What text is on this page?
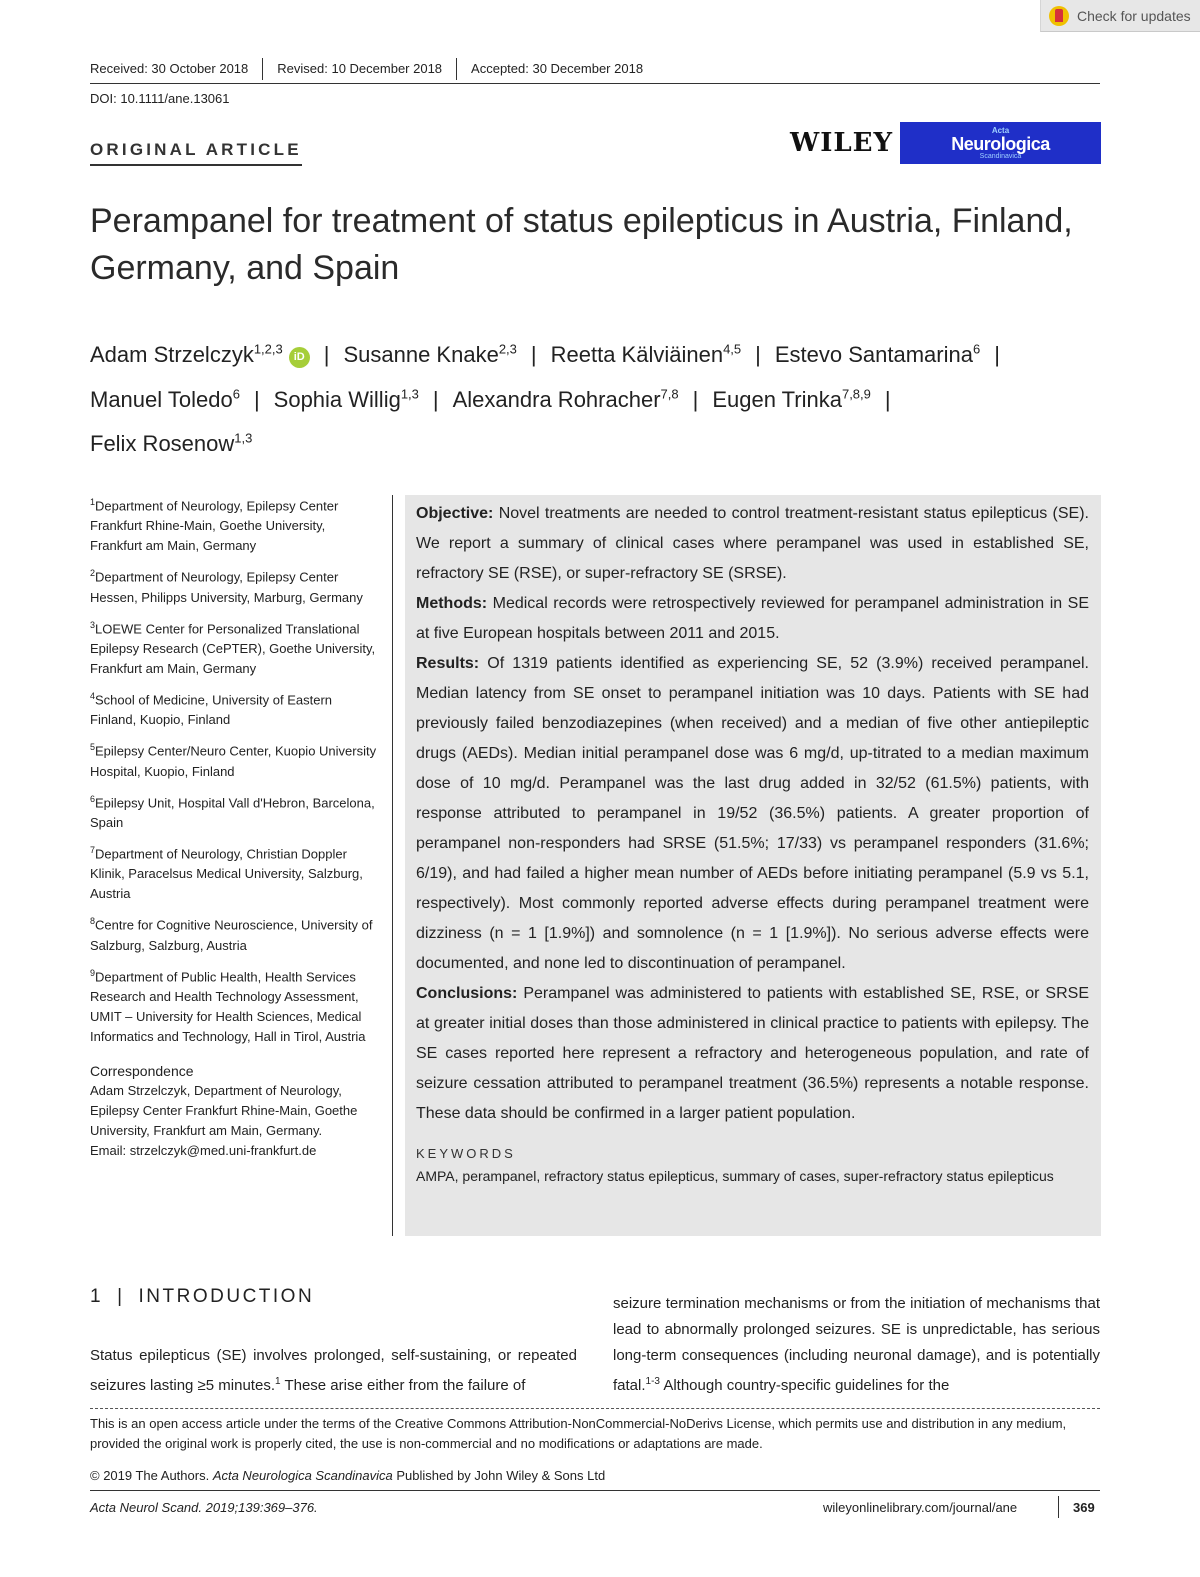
Check for updates
Received: 30 October 2018 Revised: 10 December 2018 Accepted: 30 December 2018
DOI: 10.1111/ane.13061
ORIGINAL ARTICLE	WILEY	Acta
Neurologica
Scandinavica
Perampanel for treatment of status epilepticus in Austria, Finland, Germany, and Spain
Adam Strzelczyk$^{1,2,3}$iD | Susanne Knake$^{2,3}$ | Reetta Kälviäinen$^{4,5}$ | Estevo Santamarina$^6$ |
Manuel Toledo$^6$ | Sophia Willig$^{1,3}$ | Alexandra Rohracher$^{7,8}$ | Eugen Trinka$^{7,8,9}$ |
Felix Rosenow$^{1,3}$
$^1$Department of Neurology, Epilepsy Center Frankfurt Rhine-Main, Goethe University, Frankfurt am Main, Germany
$^2$Department of Neurology, Epilepsy Center Hessen, Philipps University, Marburg, Germany
$^3$LOEWE Center for Personalized Translational Epilepsy Research (CePTER), Goethe University, Frankfurt am Main, Germany
$^4$School of Medicine, University of Eastern Finland, Kuopio, Finland
$^5$Epilepsy Center/Neuro Center, Kuopio University Hospital, Kuopio, Finland
$^6$Epilepsy Unit, Hospital Vall d'Hebron, Barcelona, Spain
$^7$Department of Neurology, Christian Doppler Klinik, Paracelsus Medical University, Salzburg, Austria
$^8$Centre for Cognitive Neuroscience, University of Salzburg, Salzburg, Austria
$^9$Department of Public Health, Health Services Research and Health Technology Assessment, UMIT – University for Health Sciences, Medical Informatics and Technology, Hall in Tirol, Austria
Correspondence
Adam Strzelczyk, Department of Neurology, Epilepsy Center Frankfurt Rhine-Main, Goethe University, Frankfurt am Main, Germany.
Email: strzelczyk@med.uni-frankfurt.de
Objective: Novel treatments are needed to control treatment-resistant status epilepticus (SE). We report a summary of clinical cases where perampanel was used in established SE, refractory SE (RSE), or super-refractory SE (SRSE).
Methods: Medical records were retrospectively reviewed for perampanel administration in SE at five European hospitals between 2011 and 2015.
Results: Of 1319 patients identified as experiencing SE, 52 (3.9%) received perampanel. Median latency from SE onset to perampanel initiation was 10 days. Patients with SE had previously failed benzodiazepines (when received) and a median of five other antiepileptic drugs (AEDs). Median initial perampanel dose was 6 mg/d, up-titrated to a median maximum dose of 10 mg/d. Perampanel was the last drug added in 32/52 (61.5%) patients, with response attributed to perampanel in 19/52 (36.5%) patients. A greater proportion of perampanel non-responders had SRSE (51.5%; 17/33) vs perampanel responders (31.6%; 6/19), and had failed a higher mean number of AEDs before initiating perampanel (5.9 vs 5.1, respectively). Most commonly reported adverse effects during perampanel treatment were dizziness (n = 1 [1.9%]) and somnolence (n = 1 [1.9%]). No serious adverse effects were documented, and none led to discontinuation of perampanel.
Conclusions: Perampanel was administered to patients with established SE, RSE, or SRSE at greater initial doses than those administered in clinical practice to patients with epilepsy. The SE cases reported here represent a refractory and heterogeneous population, and rate of seizure cessation attributed to perampanel treatment (36.5%) represents a notable response. These data should be confirmed in a larger patient population.
KEYWORDS
AMPA, perampanel, refractory status epilepticus, summary of cases, super-refractory status epilepticus
1 | INTRODUCTION
Status epilepticus (SE) involves prolonged, self-sustaining, or repeated seizures lasting ≥5 minutes.$^1$ These arise either from the failure of
seizure termination mechanisms or from the initiation of mechanisms that lead to abnormally prolonged seizures. SE is unpredictable, has serious long-term consequences (including neuronal damage), and is potentially fatal.$^{1-3}$ Although country-specific guidelines for the
This is an open access article under the terms of the Creative Commons Attribution-NonCommercial-NoDerivs License, which permits use and distribution in any medium, provided the original work is properly cited, the use is non-commercial and no modifications or adaptations are made.
© 2019 The Authors. Acta Neurologica Scandinavica Published by John Wiley & Sons Ltd
Acta Neurol Scand. 2019;139:369–376.	wileyonlinelibrary.com/journal/ane	369
